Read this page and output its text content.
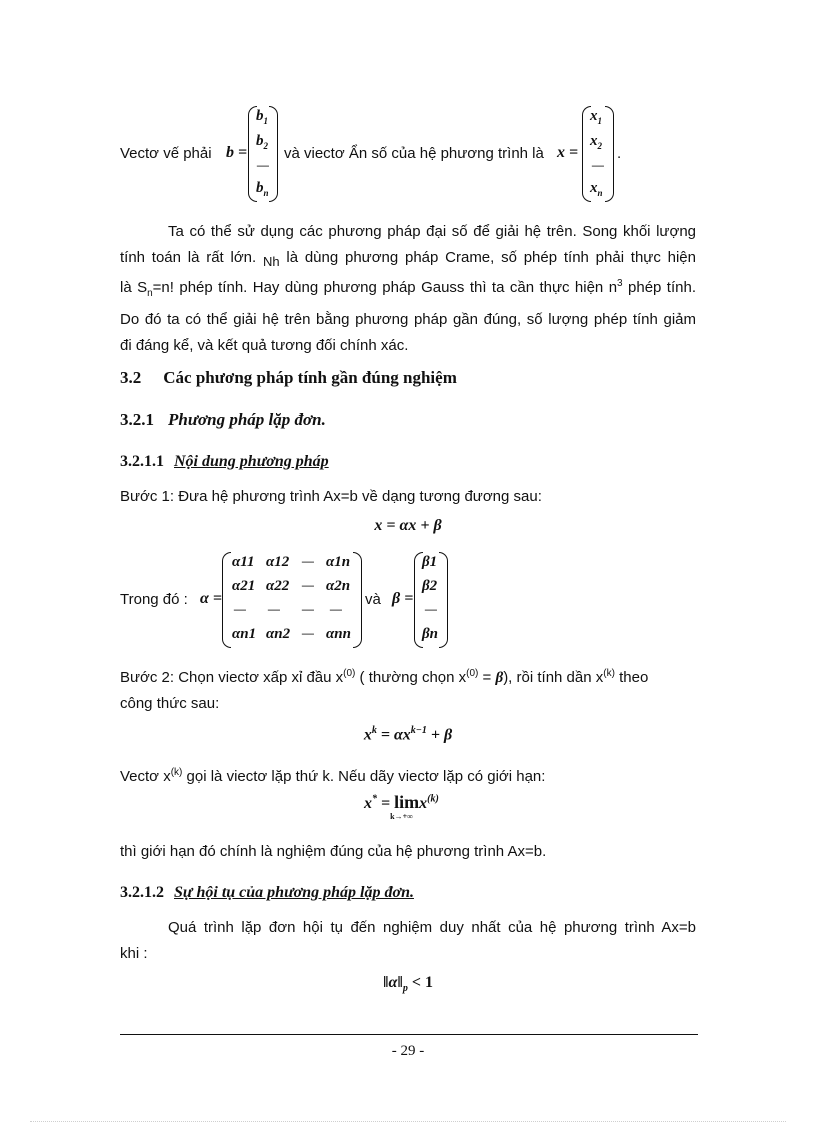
Vectơ vế phải b =
$b_1$
$b_2$
—
$b_n$
và viectơ Ẩn số của hệ phương trình là x =
$x_1$
$x_2$
—
$x_n$
.
Ta có thể sử dụng các phương pháp đại số để giải hệ trên. Song khối lượng
tính toán là rất lớn. Nh là dùng phương pháp Crame, số phép tính phải thực hiện
là $S_n=n$! phép tính. Hay dùng phương pháp Gauss thì ta cần thực hiện $n^3$ phép tính.
Do đó ta có thể giải hệ trên bằng phương pháp gần đúng, số lượng phép tính giảm
đi đáng kể, và kết quả tương đối chính xác.
3.2 Các phương pháp tính gần đúng nghiệm
3.2.1 Phương pháp lặp đơn.
3.2.1.1 Nội dung phương pháp
Bước 1: Đưa hệ phương trình Ax=b về dạng tương đương sau:
x = αx + β
Trong đó : α =
α11 α12 — α1n
α21 α22 — α2n
— — — —
αn1 αn2 — αnn
và β =
β1
β2
—
βn
Bước 2: Chọn viectơ xấp xỉ đầu $x^{(0)}$ ( thường chọn $x^{(0)} = \beta$), rồi tính dần $x^{(k)}$ theo
công thức sau:
$x^k = \alpha x^{k-1} + \beta$
Vectơ $x^{(k)}$ gọi là viectơ lặp thứ k. Nếu dãy viectơ lặp có giới hạn:
x* = lim
k→+∞
$x^{(k)}$
thì giới hạn đó chính là nghiệm đúng của hệ phương trình Ax=b.
3.2.1.2 Sự hội tụ của phương pháp lặp đơn.
Quá trình lặp đơn hội tụ đến nghiệm duy nhất của hệ phương trình Ax=b
khi :
$‖\alpha‖_p < 1$
- 29 -
